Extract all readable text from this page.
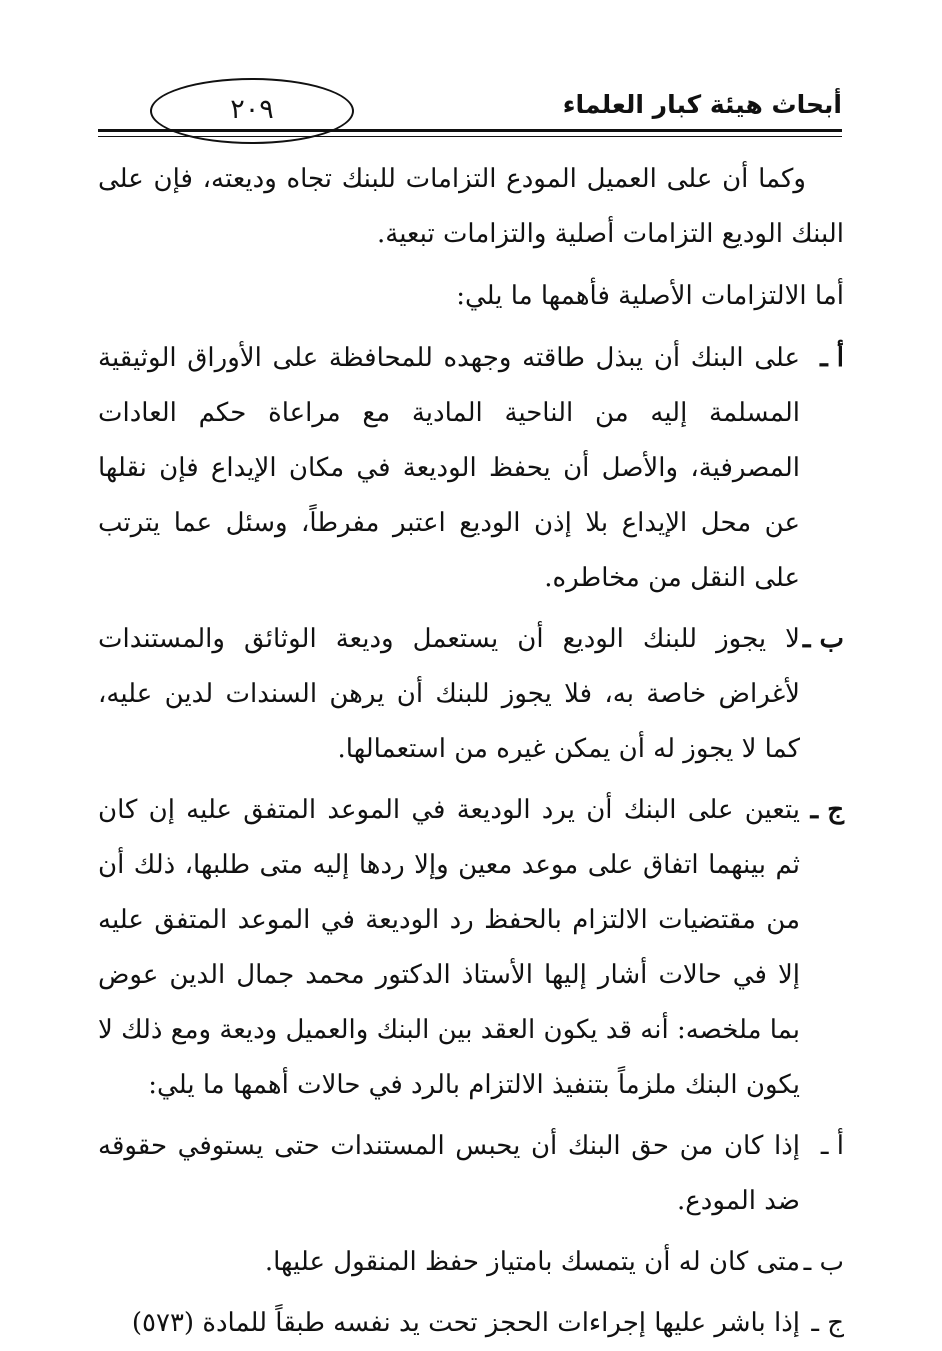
٢٠٩	أبحاث هيئة كبار العلماء

وكما أن على العميل المودع التزامات للبنك تجاه وديعته، فإن على البنك الوديع التزامات أصلية والتزامات تبعية.

أما الالتزامات الأصلية فأهمها ما يلي:

أ ـ
على البنك أن يبذل طاقته وجهده للمحافظة على الأوراق الوثيقية المسلمة إليه من الناحية المادية مع مراعاة حكم العادات المصرفية، والأصل أن يحفظ الوديعة في مكان الإيداع فإن نقلها عن محل الإيداع بلا إذن الوديع اعتبر مفرطاً، وسئل عما يترتب على النقل من مخاطره.
ب ـ
لا يجوز للبنك الوديع أن يستعمل وديعة الوثائق والمستندات لأغراض خاصة به، فلا يجوز للبنك أن يرهن السندات لدين عليه، كما لا يجوز له أن يمكن غيره من استعمالها.
ج ـ
يتعين على البنك أن يرد الوديعة في الموعد المتفق عليه إن كان ثم بينهما اتفاق على موعد معين وإلا ردها إليه متى طلبها، ذلك أن من مقتضيات الالتزام بالحفظ رد الوديعة في الموعد المتفق عليه إلا في حالات أشار إليها الأستاذ الدكتور محمد جمال الدين عوض بما ملخصه: أنه قد يكون العقد بين البنك والعميل وديعة ومع ذلك لا يكون البنك ملزماً بتنفيذ الالتزام بالرد في حالات أهمها ما يلي:
أ ـ
إذا كان من حق البنك أن يحبس المستندات حتى يستوفي حقوقه ضد المودع.
ب ـ
متى كان له أن يتمسك بامتياز حفظ المنقول عليها.
ج ـ
إذا باشر عليها إجراءات الحجز تحت يد نفسه طبقاً للمادة (٥٧٣)
